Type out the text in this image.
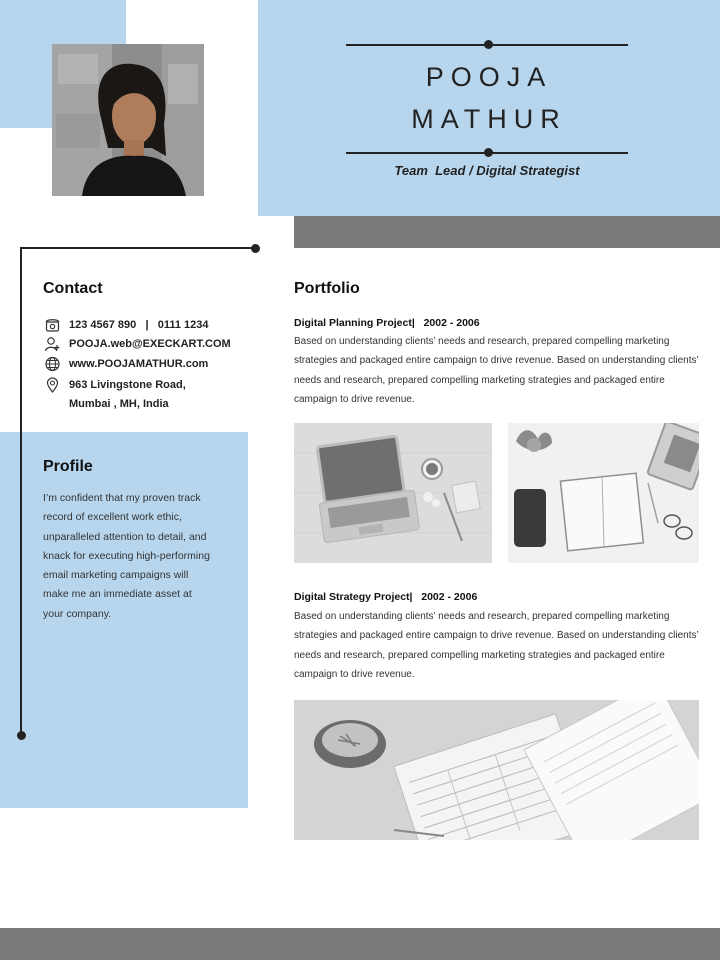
POOJA
MATHUR
Team  Lead / Digital Strategist
Contact
123 4567 890   |   0111 1234
POOJA.web@EXECKART.COM
www.POOJAMATHUR.com
963 Livingstone Road,
Mumbai , MH, India
Profile
I’m confident that my proven track record of excellent work ethic, unparalleled attention to detail, and knack for executing high-performing email marketing campaigns will make me an immediate asset at your company.
Portfolio
Digital Planning Project| 2002 - 2006
Based on understanding clients’ needs and research, prepared compelling marketing strategies and packaged entire campaign to drive revenue. Based on understanding clients’ needs and research, prepared compelling marketing strategies and packaged entire campaign to drive revenue.
Digital Strategy Project| 2002 - 2006
Based on understanding clients’ needs and research, prepared compelling marketing strategies and packaged entire campaign to drive revenue. Based on understanding clients’ needs and research, prepared compelling marketing strategies and packaged entire campaign to drive revenue.
